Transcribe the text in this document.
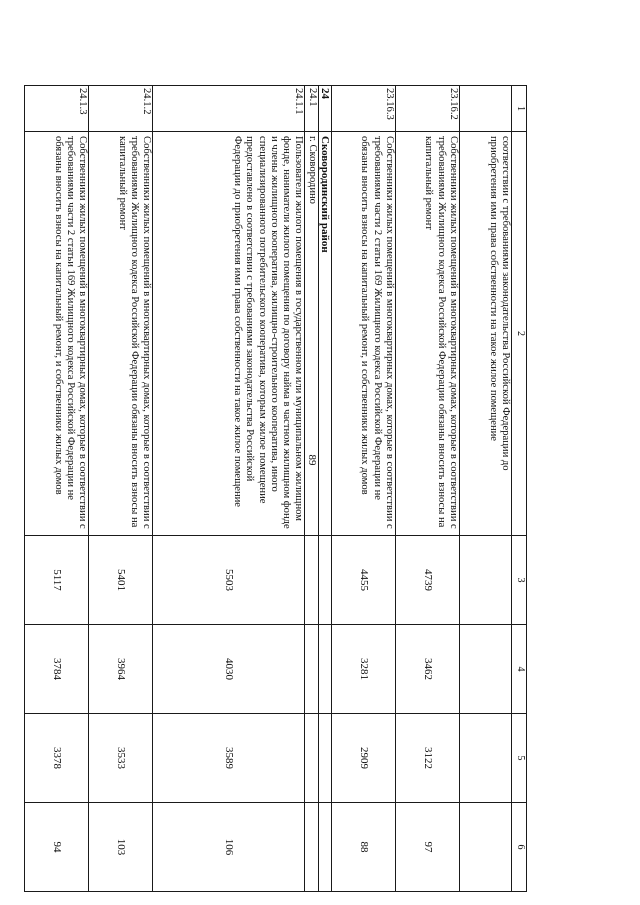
89
1	2	3	4	5	6
	соответствии с требованиями законодательства Российской Федерации до приобретения ими права собственности на такое жилое помещение				
23.16.2	Собственники жилых помещений в многоквартирных домах, которые в соответствии с требованиями Жилищного кодекса Российской Федерации обязаны вносить взносы на капитальный ремонт	4739	3462	3122	97
23.16.3	Собственники жилых помещений в многоквартирных домах, которые в соответствии с требованиями части 2 статьи 169 Жилищного кодекса Российской Федерации не обязаны вносить взносы на капитальный ремонт, и собственники жилых домов	4455	3281	2909	88
24	Сковородинский район				
24.1	г. Сковородино				
24.1.1	Пользователи жилого помещения в государственном или муниципальном жилищном фонде, наниматели жилого помещения по договору найма в частном жилищном фонде и члены жилищного кооператива, жилищно-строительного кооператива, иного специализированного потребительского кооператива, которым жилое помещение предоставлено в соответствии с требованиями законодательства Российской Федерации до приобретения ими права собственности на такое жилое помещение	5503	4030	3589	106
24.1.2	Собственники жилых помещений в многоквартирных домах, которые в соответствии с требованиями Жилищного кодекса Российской Федерации обязаны вносить взносы на капитальный ремонт	5401	3964	3533	103
24.1.3	Собственники жилых помещений в многоквартирных домах, которые в соответствии с требованиями части 2 статьи 169 Жилищного кодекса Российской Федерации не обязаны вносить взносы на капитальный ремонт, и собственники жилых домов	5117	3784	3378	94
